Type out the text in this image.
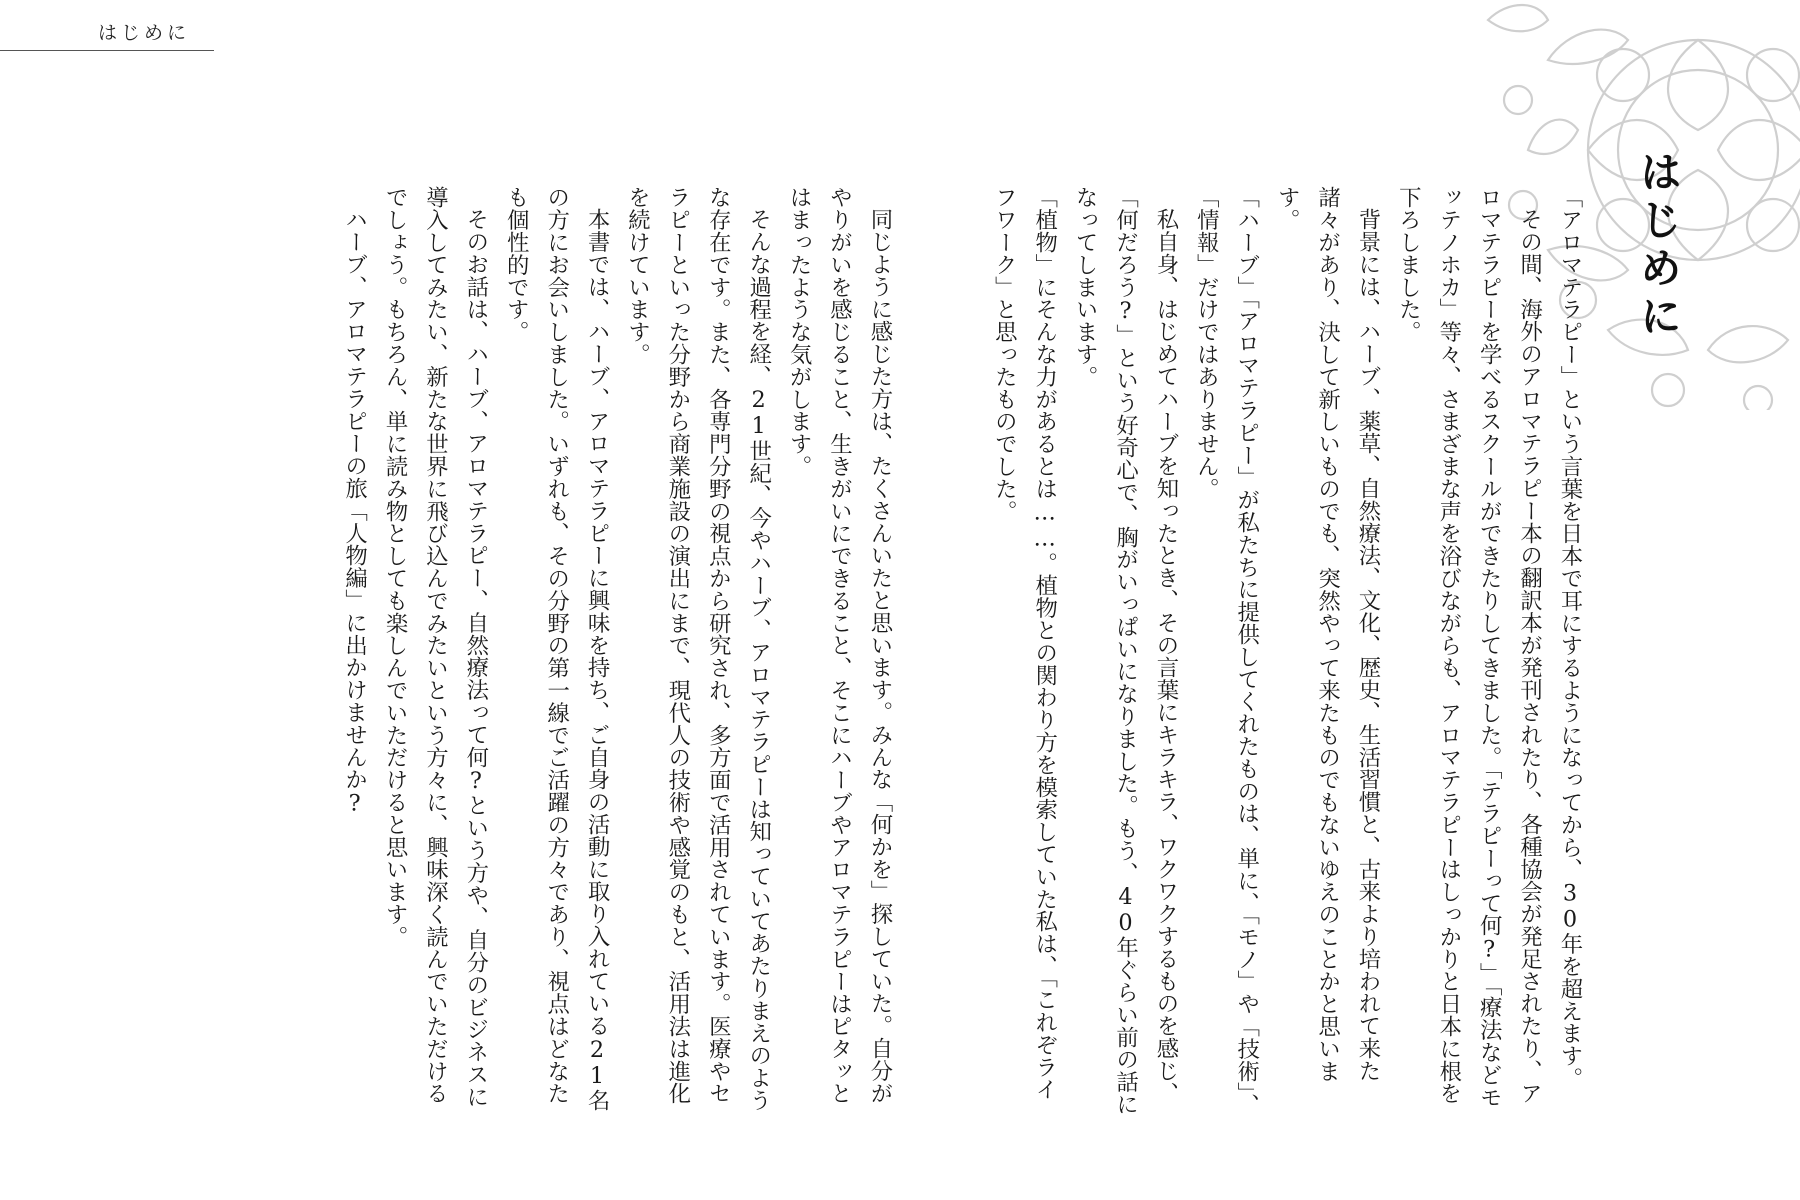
はじめに
はじめに

「アロマテラピー」という言葉を日本で耳にするようになってから、30年を超えます。

その間、海外のアロマテラピー本の翻訳本が発刊されたり、各種協会が発足されたり、アロマテラピーを学べるスクールができたりしてきました。「テラピーって何?」「療法などモッテノホカ」等々、さまざまな声を浴びながらも、アロマテラピーはしっかりと日本に根を下ろしました。

背景には、ハーブ、薬草、自然療法、文化、歴史、生活習慣と、古来より培われて来た諸々があり、決して新しいものでも、突然やって来たものでもないゆえのことかと思います。

「ハーブ」「アロマテラピー」が私たちに提供してくれたものは、単に、「モノ」や「技術」、「情報」だけではありません。

私自身、はじめてハーブを知ったとき、その言葉にキラキラ、ワクワクするものを感じ、「何だろう?」という好奇心で、胸がいっぱいになりました。もう、40年ぐらい前の話になってしまいます。

「植物」にそんな力があるとは……。植物との関わり方を模索していた私は、「これぞライフワーク」と思ったものでした。

同じように感じた方は、たくさんいたと思います。みんな「何かを」探していた。自分がやりがいを感じること、生きがいにできること、そこにハーブやアロマテラピーはピタッとはまったような気がします。

そんな過程を経、21世紀、今やハーブ、アロマテラピーは知っていてあたりまえのような存在です。また、各専門分野の視点から研究され、多方面で活用されています。医療やセラピーといった分野から商業施設の演出にまで、現代人の技術や感覚のもと、活用法は進化を続けています。

本書では、ハーブ、アロマテラピーに興味を持ち、ご自身の活動に取り入れている21名の方にお会いしました。いずれも、その分野の第一線でご活躍の方々であり、視点はどなたも個性的です。

そのお話は、ハーブ、アロマテラピー、自然療法って何?という方や、自分のビジネスに導入してみたい、新たな世界に飛び込んでみたいという方々に、興味深く読んでいただけるでしょう。もちろん、単に読み物としても楽しんでいただけると思います。

ハーブ、アロマテラピーの旅「人物編」に出かけませんか?
